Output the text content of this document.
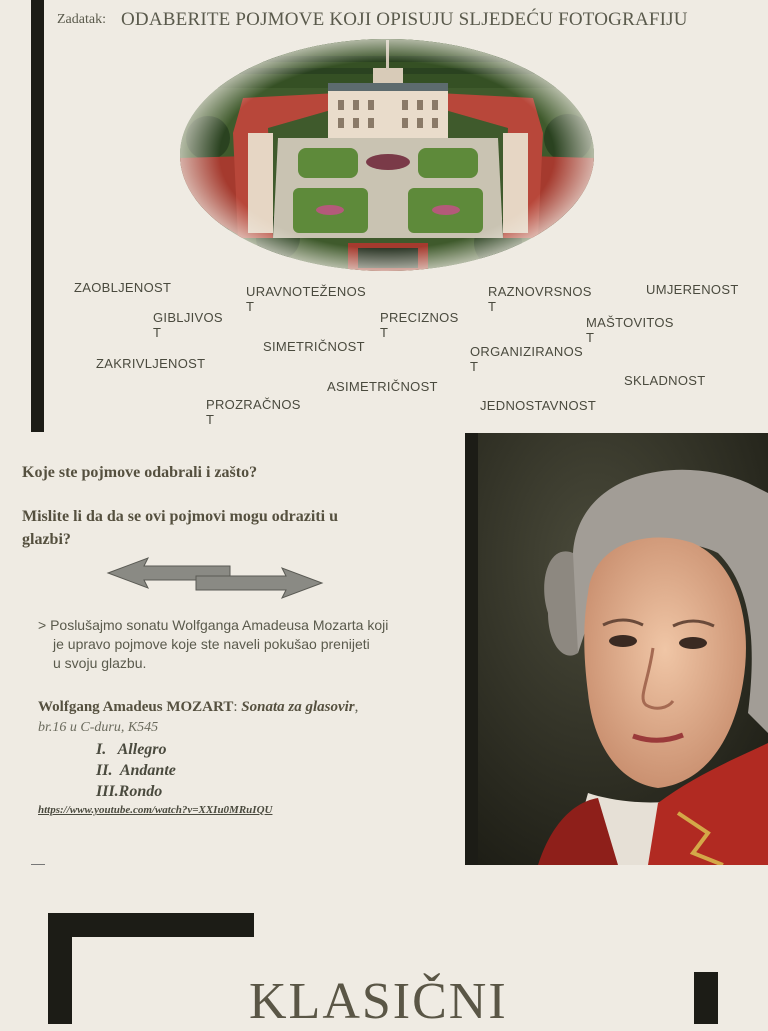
Zadatak: ODABERITE POJMOVE KOJI OPISUJU SLJEDEĆU FOTOGRAFIJU
ZAOBLJENOST	URAVNOTEŽENOS
T
RAZNOVRSNOS
T
UMJERENOST
GIBLJIVOS
T
PRECIZNOS
T
MAŠTOVITOS
T
SIMETRIČNOST	ORGANIZIRANOS
T
ZAKRIVLJENOST
SKLADNOST
ASIMETRIČNOST
PROZRAČNOS
T
JEDNOSTAVNOST
Koje ste pojmove odabrali i zašto?
Mislite li da da se ovi pojmovi mogu odraziti u
glazbi?
> Poslušajmo sonatu Wolfganga Amadeusa Mozarta koji
je upravo pojmove koje ste naveli pokušao prenijeti
u svoju glazbu.
Wolfgang Amadeus MOZART: Sonata za glasovir,
br.16 u C-duru, K545
I.   Allegro
II.  Andante
III.Rondo
https://www.youtube.com/watch?v=XXIu0MRuIQU
KLASIČNI
